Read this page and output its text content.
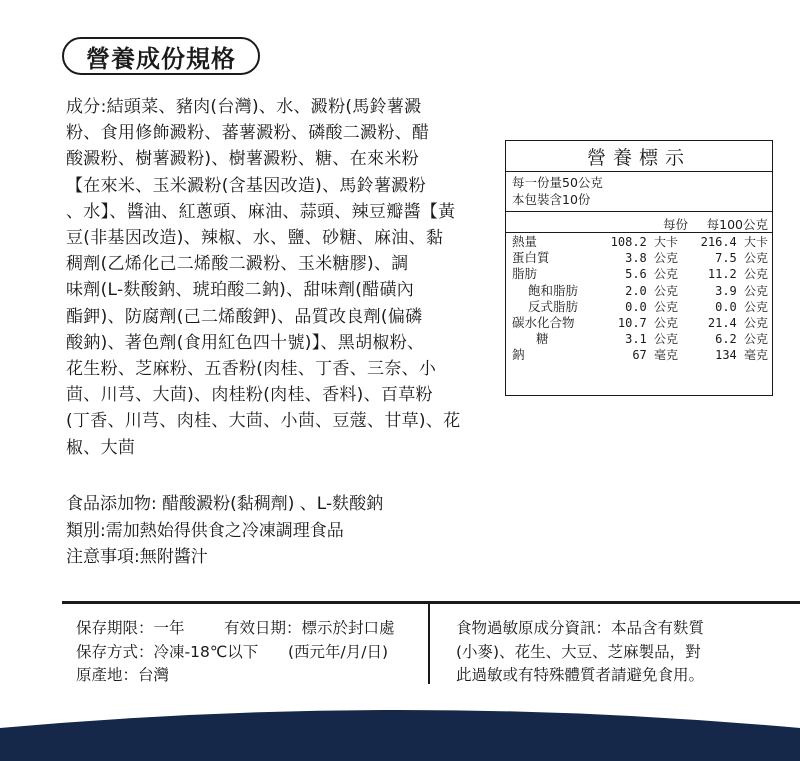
營養成份規格
成分:結頭菜、豬肉(台灣)、水、澱粉(馬鈴薯澱
粉、食用修飾澱粉、蕃薯澱粉、磷酸二澱粉、醋
酸澱粉、樹薯澱粉)、樹薯澱粉、糖、在來米粉
【在來米、玉米澱粉(含基因改造)、馬鈴薯澱粉
、水】、醬油、紅蔥頭、麻油、蒜頭、辣豆瓣醬【黃
豆(非基因改造)、辣椒、水、鹽、砂糖、麻油、黏
稠劑(乙烯化己二烯酸二澱粉、玉米糖膠)、調
味劑(L-麩酸鈉、琥珀酸二鈉)、甜味劑(醋磺內
酯鉀)、防腐劑(己二烯酸鉀)、品質改良劑(偏磷
酸鈉)、著色劑(食用紅色四十號)】、黑胡椒粉、
花生粉、芝麻粉、五香粉(肉桂、丁香、三奈、小
茴、川芎、大茴)、肉桂粉(肉桂、香料)、百草粉
(丁香、川芎、肉桂、大茴、小茴、豆蔻、甘草)、花
椒、大茴
食品添加物: 醋酸澱粉(黏稠劑) 、L-麩酸鈉
類別:需加熱始得供食之冷凍調理食品
注意事項:無附醬汁
營養標示
每一份量50公克
本包裝含10份
每份 每100公克
熱量	108.2 大卡 216.4 大卡
蛋白質	3.8 公克	7.5 公克
脂肪	5.6 公克 11.2 公克
飽和脂肪	2.0 公克	3.9 公克
反式脂肪	0.0 公克	0.0 公克
碳水化合物	10.7 公克 21.4 公克
糖	3.1 公克	6.2 公克
鈉	67 毫克	134 毫克
保存期限：一年	有效日期：標示於封口處
保存方式：冷凍-18℃以下 (西元年/月/日)
原產地：台灣
食物過敏原成分資訊：本品含有麩質
(小麥)、花生、大豆、芝麻製品，對
此過敏或有特殊體質者請避免食用。
